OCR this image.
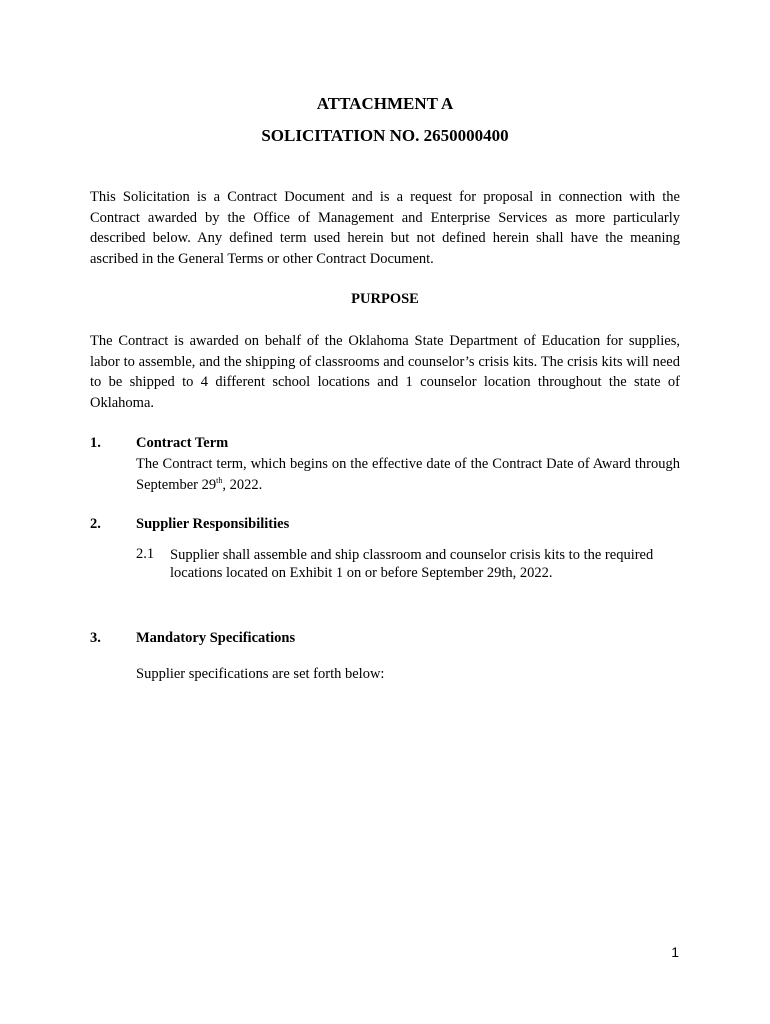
ATTACHMENT A
SOLICITATION NO. 2650000400

This Solicitation is a Contract Document and is a request for proposal in connection with the Contract awarded by the Office of Management and Enterprise Services as more particularly described below. Any defined term used herein but not defined herein shall have the meaning ascribed in the General Terms or other Contract Document.

PURPOSE

The Contract is awarded on behalf of the Oklahoma State Department of Education for supplies, labor to assemble, and the shipping of classrooms and counselor’s crisis kits. The crisis kits will need to be shipped to 4 different school locations and 1 counselor location throughout the state of Oklahoma.

1. Contract Term

The Contract term, which begins on the effective date of the Contract Date of Award through September 29th, 2022.

2. Supplier Responsibilities
2.1 Supplier shall assemble and ship classroom and counselor crisis kits to the required locations located on Exhibit 1 on or before September 29th, 2022.

3. Mandatory Specifications
Supplier specifications are set forth below:
1
